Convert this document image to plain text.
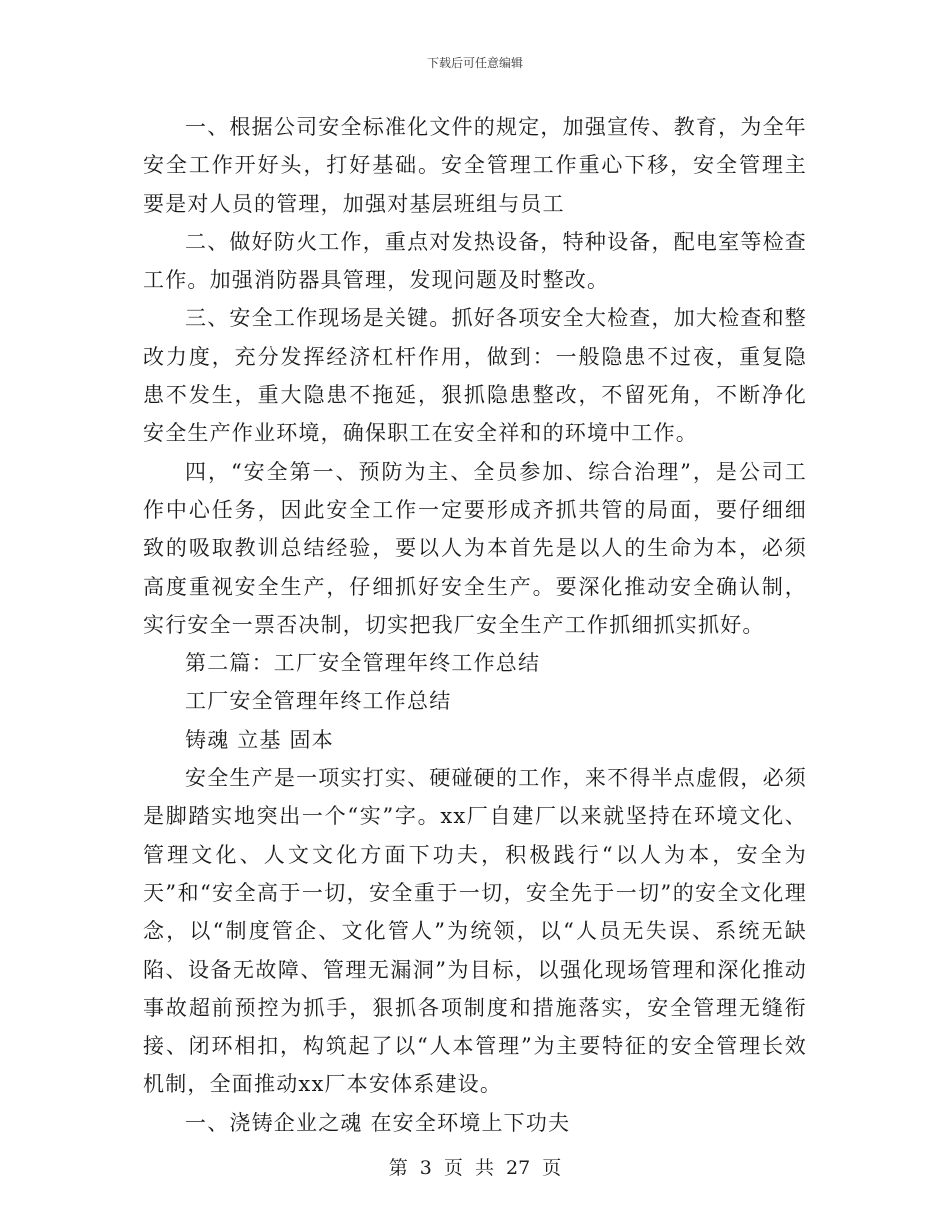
下载后可任意编辑

一、根据公司安全标准化文件的规定，加强宣传、教育，为全年安全工作开好头，打好基础。安全管理工作重心下移，安全管理主要是对人员的管理，加强对基层班组与员工

二、做好防火工作，重点对发热设备，特种设备，配电室等检查工作。加强消防器具管理，发现问题及时整改。

三、安全工作现场是关键。抓好各项安全大检查，加大检查和整改力度，充分发挥经济杠杆作用，做到：一般隐患不过夜，重复隐患不发生，重大隐患不拖延，狠抓隐患整改，不留死角，不断净化安全生产作业环境，确保职工在安全祥和的环境中工作。

四，“安全第一、预防为主、全员参加、综合治理”，是公司工作中心任务，因此安全工作一定要形成齐抓共管的局面，要仔细细致的吸取教训总结经验，要以人为本首先是以人的生命为本，必须高度重视安全生产，仔细抓好安全生产。要深化推动安全确认制，实行安全一票否决制，切实把我厂安全生产工作抓细抓实抓好。

第二篇：工厂安全管理年终工作总结

工厂安全管理年终工作总结

铸魂 立基 固本

安全生产是一项实打实、硬碰硬的工作，来不得半点虚假，必须是脚踏实地突出一个“实”字。xx厂自建厂以来就坚持在环境文化、管理文化、人文文化方面下功夫，积极践行“以人为本，安全为天”和“安全高于一切，安全重于一切，安全先于一切”的安全文化理念，以“制度管企、文化管人”为统领，以“人员无失误、系统无缺陷、设备无故障、管理无漏洞”为目标，以强化现场管理和深化推动事故超前预控为抓手，狠抓各项制度和措施落实，安全管理无缝衔接、闭环相扣，构筑起了以“人本管理”为主要特征的安全管理长效机制，全面推动xx厂本安体系建设。

一、浇铸企业之魂 在安全环境上下功夫

第 3 页 共 27 页
